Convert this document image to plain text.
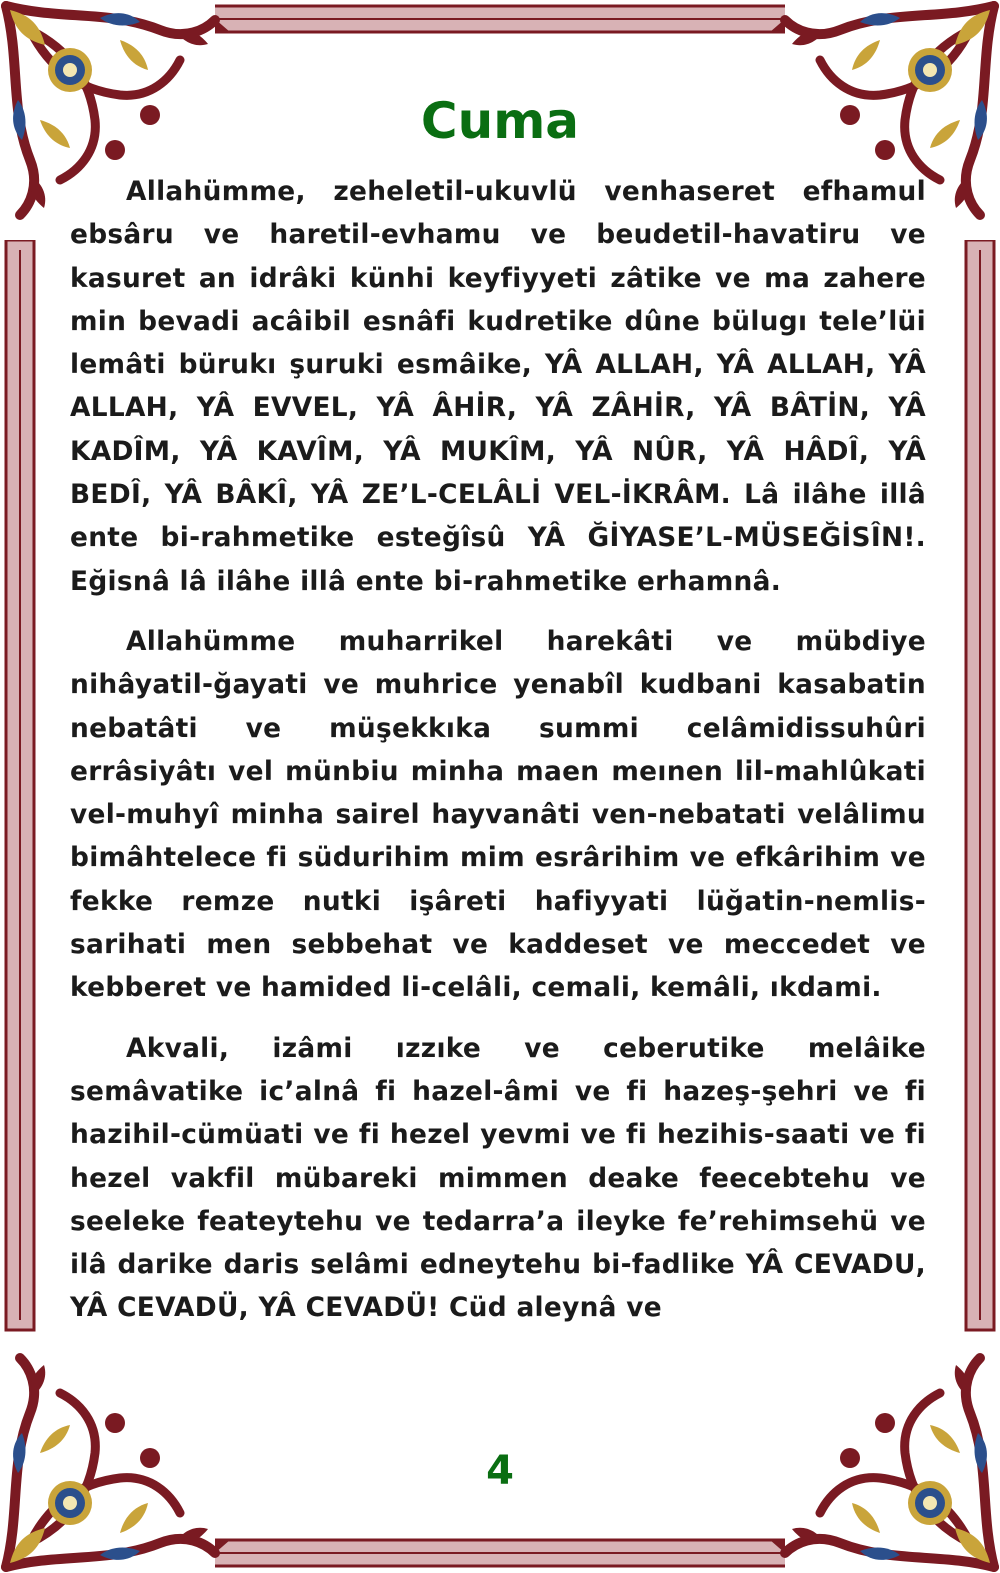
Cuma

Allahümme, zeheletil-ukuvlü venhaseret efhamul ebsâru ve haretil-evhamu ve beudetil-havatiru ve kasuret an idrâki künhi keyfiyyeti zâtike ve ma zahere min bevadi acâibil esnâfi kudretike dûne bülugı tele’lüi lemâti bürukı şuruki esmâike, YÂ ALLAH, YÂ ALLAH, YÂ ALLAH, YÂ EVVEL, YÂ ÂHİR, YÂ ZÂHİR, YÂ BÂTİN, YÂ KADÎM, YÂ KAVÎM, YÂ MUKÎM, YÂ NÛR, YÂ HÂDÎ, YÂ BEDÎ, YÂ BÂKÎ, YÂ ZE’L-CELÂLİ VEL-İKRÂM. Lâ ilâhe illâ ente bi-rahmetike esteğîsû YÂ ĞİYASE’L-MÜSEĞİSÎN!. Eğisnâ lâ ilâhe illâ ente bi-rahmetike erhamnâ.

Allahümme muharrikel harekâti ve mübdiye nihâyatil-ğayati ve muhrice yenabîl kudbani kasabatin nebatâti ve müşekkıka summi celâmidissuhûri errâsiyâtı vel münbiu minha maen meınen lil-mahlûkati vel-muhyî minha sairel hayvanâti ven-nebatati velâlimu bimâhtelece fi südurihim mim esrârihim ve efkârihim ve fekke remze nutki işâreti hafiyyati lüğatin-nemlis-sarihati men sebbehat ve kaddeset ve meccedet ve kebberet ve hamided li-celâli, cemali, kemâli, ıkdami.

Akvali, izâmi ızzıke ve ceberutike melâike semâvatike ic’alnâ fi hazel-âmi ve fi hazeş-şehri ve fi hazihil-cümüati ve fi hezel yevmi ve fi hezihis-saati ve fi hezel vakfil mübareki mimmen deake feecebtehu ve seeleke feateytehu ve tedarra’a ileyke fe’rehimsehü ve ilâ darike daris selâmi edneytehu bi-fadlike YÂ CEVADU, YÂ CEVADÜ, YÂ CEVADÜ! Cüd aleynâ ve

4
